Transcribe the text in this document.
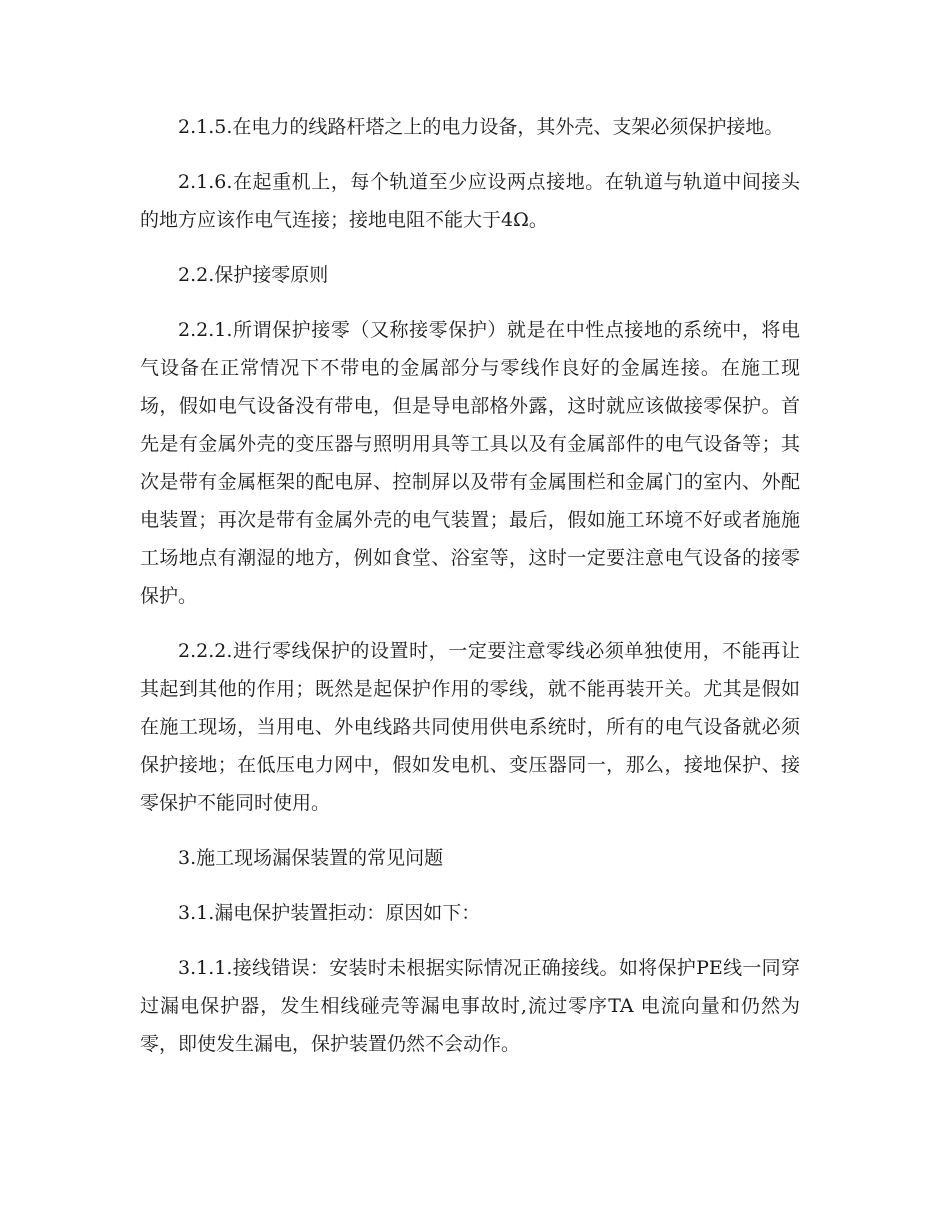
2.1.5.在电力的线路杆塔之上的电力设备，其外壳、支架必须保护接地。

2.1.6.在起重机上，每个轨道至少应设两点接地。在轨道与轨道中间接头的地方应该作电气连接；接地电阻不能大于4Ω。

2.2.保护接零原则

2.2.1.所谓保护接零（又称接零保护）就是在中性点接地的系统中，将电气设备在正常情况下不带电的金属部分与零线作良好的金属连接。在施工现场，假如电气设备没有带电，但是导电部格外露，这时就应该做接零保护。首先是有金属外壳的变压器与照明用具等工具以及有金属部件的电气设备等；其次是带有金属框架的配电屏、控制屏以及带有金属围栏和金属门的室内、外配电装置；再次是带有金属外壳的电气装置；最后，假如施工环境不好或者施施工场地点有潮湿的地方，例如食堂、浴室等，这时一定要注意电气设备的接零保护。

2.2.2.进行零线保护的设置时，一定要注意零线必须单独使用，不能再让其起到其他的作用；既然是起保护作用的零线，就不能再装开关。尤其是假如在施工现场，当用电、外电线路共同使用供电系统时，所有的电气设备就必须保护接地；在低压电力网中，假如发电机、变压器同一，那么，接地保护、接零保护不能同时使用。

3.施工现场漏保装置的常见问题

3.1.漏电保护装置拒动：原因如下：

3.1.1.接线错误：安装时未根据实际情况正确接线。如将保护PE线一同穿过漏电保护器，发生相线碰壳等漏电事故时,流过零序TA 电流向量和仍然为零，即使发生漏电，保护装置仍然不会动作。
